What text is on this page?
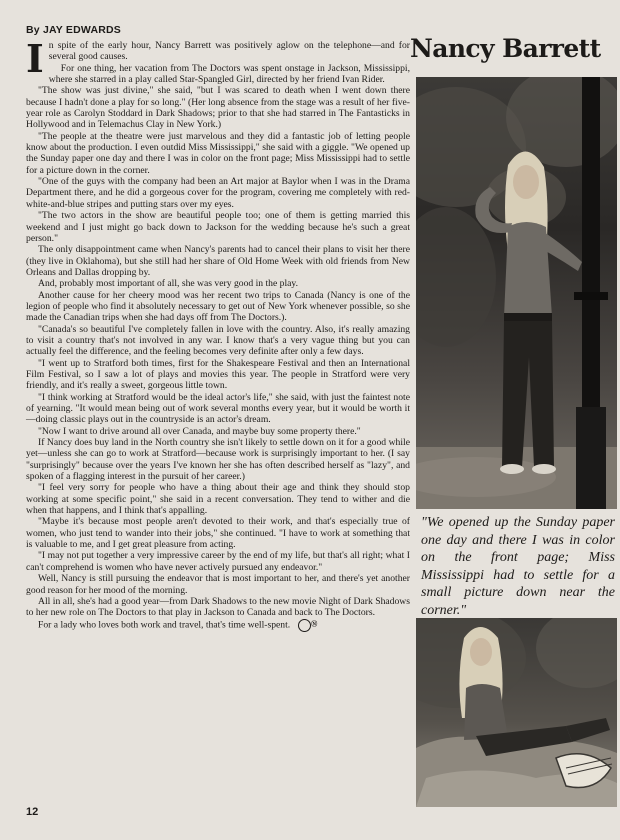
By JAY EDWARDS
Nancy Barrett

In spite of the early hour, Nancy Barrett was positively aglow on the telephone—and for several good causes.

For one thing, her vacation from The Doctors was spent onstage in Jackson, Mississippi, where she starred in a play called Star-Spangled Girl, directed by her friend Ivan Rider.

"The show was just divine," she said, "but I was scared to death when I went down there because I hadn't done a play for so long." (Her long absence from the stage was a result of her five-year role as Carolyn Stoddard in Dark Shadows; prior to that she had starred in The Fantasticks in Hollywood and in Telemachus Clay in New York.)

"The people at the theatre were just marvelous and they did a fantastic job of letting people know about the production. I even outdid Miss Mississippi," she said with a giggle. "We opened up the Sunday paper one day and there I was in color on the front page; Miss Mississippi had to settle for a picture down in the corner.

"One of the guys with the company had been an Art major at Baylor when I was in the Drama Department there, and he did a gorgeous cover for the program, covering me completely with red-white-and-blue stripes and putting stars over my eyes.

"The two actors in the show are beautiful people too; one of them is getting married this weekend and I just might go back down to Jackson for the wedding because he's such a great person."

The only disappointment came when Nancy's parents had to cancel their plans to visit her there (they live in Oklahoma), but she still had her share of Old Home Week with old friends from New Orleans and Dallas dropping by.

And, probably most important of all, she was very good in the play.

Another cause for her cheery mood was her recent two trips to Canada (Nancy is one of the legion of people who find it absolutely necessary to get out of New York whenever possible, so she made the Canadian trips when she had days off from The Doctors.).

"Canada's so beautiful I've completely fallen in love with the country. Also, it's really amazing to visit a country that's not involved in any war. I know that's a very vague thing but you can actually feel the difference, and the feeling becomes very definite after only a few days.

"I went up to Stratford both times, first for the Shakespeare Festival and then an International Film Festival, so I saw a lot of plays and movies this year. The people in Stratford were very friendly, and it's really a sweet, gorgeous little town.

"I think working at Stratford would be the ideal actor's life," she said, with just the faintest note of yearning. "It would mean being out of work several months every year, but it would be worth it—doing classic plays out in the countryside is an actor's dream.

"Now I want to drive around all over Canada, and maybe buy some property there."

If Nancy does buy land in the North country she isn't likely to settle down on it for a good while yet—unless she can go to work at Stratford—because work is surprisingly important to her. (I say "surprisingly" because over the years I've known her she has often described herself as "lazy", and spoken of a flagging interest in the pursuit of her career.)

"I feel very sorry for people who have a thing about their age and think they should stop working at some specific point," she said in a recent conversation. They tend to wither and die when that happens, and I think that's appalling.

"Maybe it's because most people aren't devoted to their work, and that's especially true of women, who just tend to wander into their jobs," she continued. "I have to work at something that is valuable to me, and I get great pleasure from acting.

"I may not put together a very impressive career by the end of my life, but that's all right; what I can't comprehend is women who have never actively pursued any endeavor."

Well, Nancy is still pursuing the endeavor that is most important to her, and there's yet another good reason for her mood of the morning.

All in all, she's had a good year—from Dark Shadows to the new movie Night of Dark Shadows to her new role on The Doctors to that play in Jackson to Canada and back to The Doctors.

For a lady who loves both work and travel, that's time well-spent.	Ⓝ

12
"We opened up the Sunday paper one day and there I was in color on the front page; Miss Mississippi had to settle for a small picture down near the corner."
